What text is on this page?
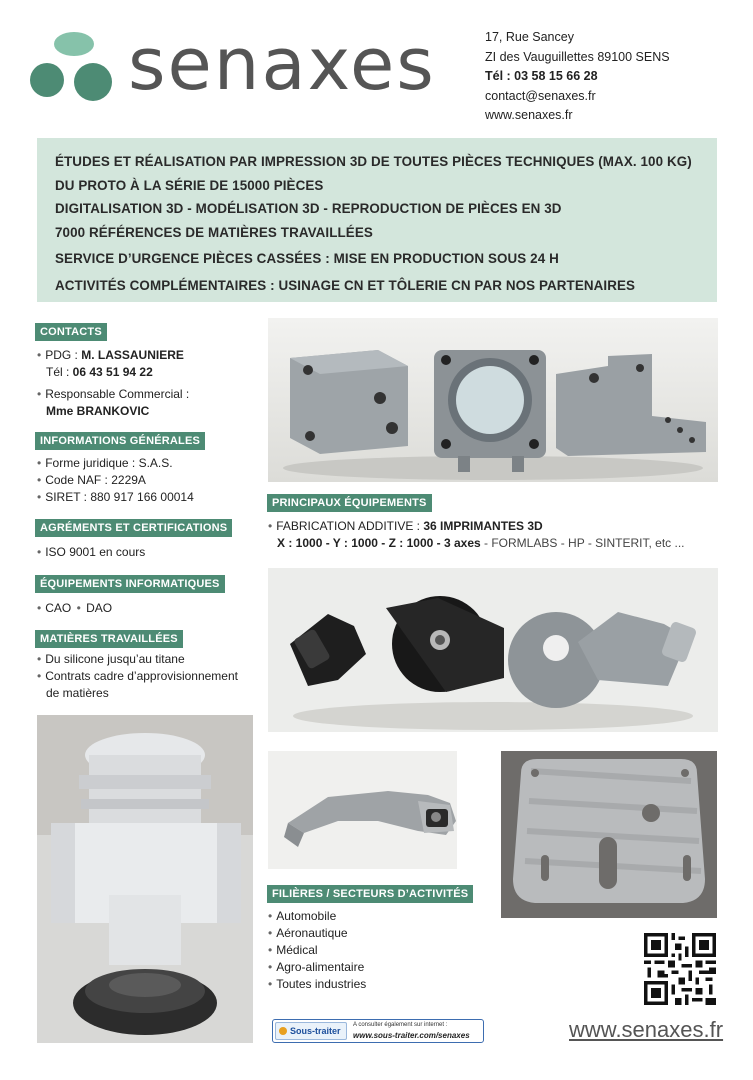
senaxes	17, Rue Sancey
ZI des Vauguillettes 89100 SENS
Tél : 03 58 15 66 28
contact@senaxes.fr
www.senaxes.fr
ÉTUDES ET RÉALISATION PAR IMPRESSION 3D DE TOUTES PIÈCES TECHNIQUES (MAX. 100 KG)
DU PROTO À LA SÉRIE DE 15000 PIÈCES
DIGITALISATION 3D - MODÉLISATION 3D - REPRODUCTION DE PIÈCES EN 3D
7000 RÉFÉRENCES DE MATIÈRES TRAVAILLÉES
SERVICE D’URGENCE PIÈCES CASSÉES : MISE EN PRODUCTION SOUS 24 H
ACTIVITÉS COMPLÉMENTAIRES : USINAGE CN ET TÔLERIE CN PAR NOS PARTENAIRES
CONTACTS
• PDG : M. LASSAUNIERE
Tél : 06 43 51 94 22
• Responsable Commercial :
Mme BRANKOVIC
INFORMATIONS GÉNÉRALES
• Forme juridique : S.A.S.
• Code NAF : 2229A
• SIRET : 880 917 166 00014
AGRÉMENTS ET CERTIFICATIONS
• ISO 9001 en cours
ÉQUIPEMENTS INFORMATIQUES
• CAO • DAO
MATIÈRES TRAVAILLÉES
• Du silicone jusqu’au titane
• Contrats cadre d’approvisionnement
de matières
PRINCIPAUX ÉQUIPEMENTS
• FABRICATION ADDITIVE : 36 IMPRIMANTES 3D
X : 1000 - Y : 1000 - Z : 1000 - 3 axes - FORMLABS - HP - SINTERIT, etc ...
FILIÈRES / SECTEURS D’ACTIVITÉS
• Automobile
• Aéronautique
• Médical
• Agro-alimentaire
• Toutes industries
Sous-traiter
A consulter également sur internet :
www.sous-traiter.com/senaxes	www.senaxes.fr
